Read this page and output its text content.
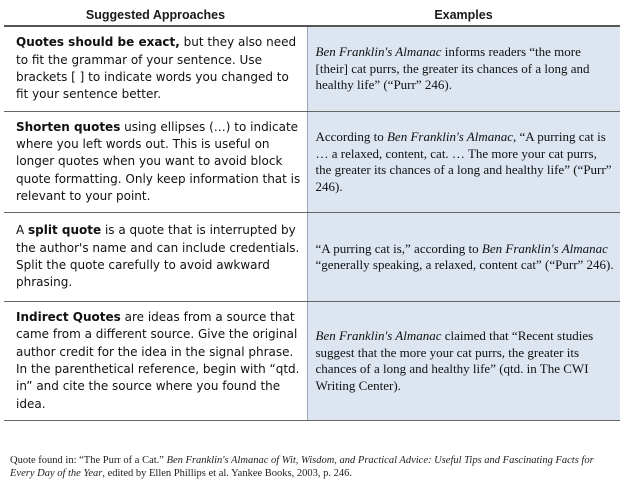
Suggested Approaches	Examples
Quotes should be exact, but they also need to fit the grammar of your sentence. Use brackets [ ] to indicate words you changed to fit your sentence better.	Ben Franklin's Almanac informs readers “the more [their] cat purrs, the greater its chances of a long and healthy life” (“Purr” 246).
Shorten quotes using ellipses (…) to indicate where you left words out. This is useful on longer quotes when you want to avoid block quote formatting. Only keep information that is relevant to your point.	According to Ben Franklin's Almanac, “A purring cat is … a relaxed, content, cat. … The more your cat purrs, the greater its chances of a long and healthy life” (“Purr” 246).
A split quote is a quote that is interrupted by the author's name and can include credentials. Split the quote carefully to avoid awkward phrasing.	“A purring cat is,” according to Ben Franklin's Almanac “generally speaking, a relaxed, content cat” (“Purr” 246).
Indirect Quotes are ideas from a source that came from a different source. Give the original author credit for the idea in the signal phrase. In the parenthetical reference, begin with “qtd. in” and cite the source where you found the idea.	Ben Franklin's Almanac claimed that “Recent studies suggest that the more your cat purrs, the greater its chances of a long and healthy life” (qtd. in The CWI Writing Center).
Quote found in: “The Purr of a Cat.” Ben Franklin's Almanac of Wit, Wisdom, and Practical Advice: Useful Tips and Fascinating Facts for Every Day of the Year, edited by Ellen Phillips et al. Yankee Books, 2003, p. 246.
